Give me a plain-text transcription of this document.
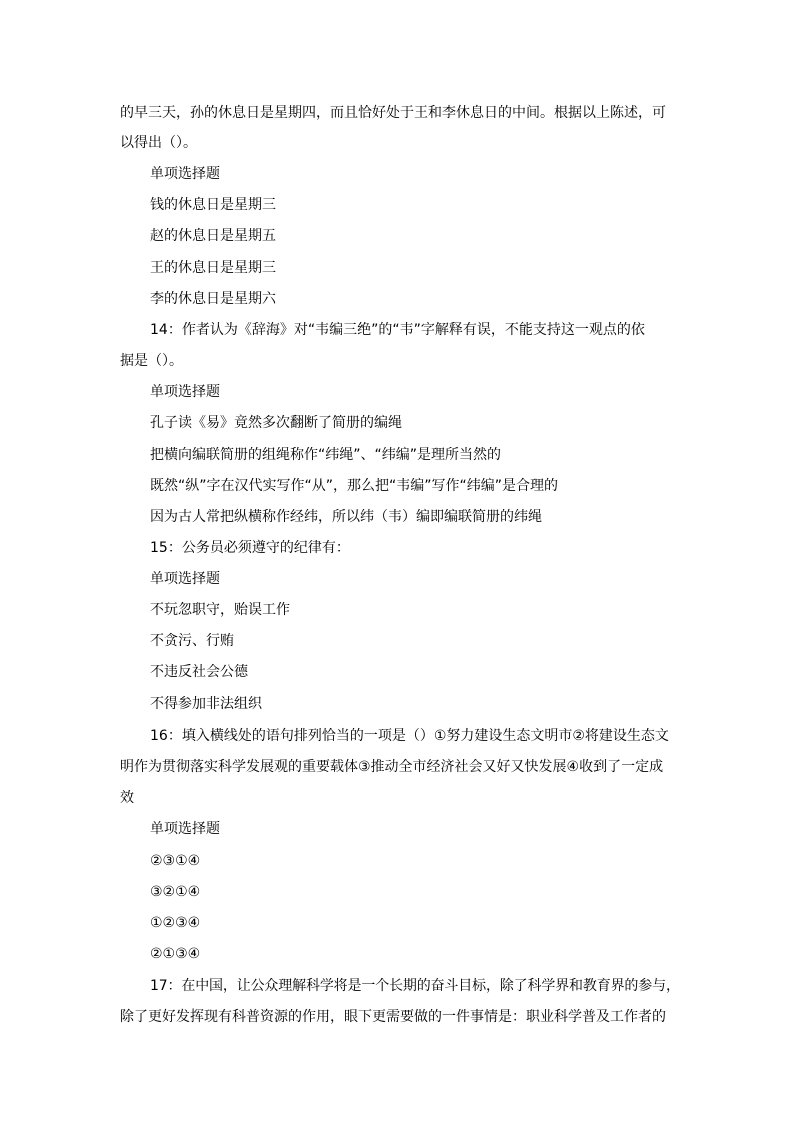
的早三天，孙的休息日是星期四，而且恰好处于王和李休息日的中间。根据以上陈述，可
以得出（）。
单项选择题
钱的休息日是星期三
赵的休息日是星期五
王的休息日是星期三
李的休息日是星期六
14：作者认为《辞海》对“韦编三绝”的“韦”字解释有误，不能支持这一观点的依
据是（）。
单项选择题
孔子读《易》竟然多次翻断了简册的编绳
把横向编联简册的组绳称作“纬绳”、“纬编”是理所当然的
既然“纵”字在汉代实写作“从”，那么把“韦编”写作“纬编”是合理的
因为古人常把纵横称作经纬，所以纬（韦）编即编联简册的纬绳
15：公务员必须遵守的纪律有：
单项选择题
不玩忽职守，贻误工作
不贪污、行贿
不违反社会公德
不得参加非法组织
16：填入横线处的语句排列恰当的一项是（）①努力建设生态文明市②将建设生态文
明作为贯彻落实科学发展观的重要载体③推动全市经济社会又好又快发展④收到了一定成
效
单项选择题
②③①④
③②①④
①②③④
②①③④
17：在中国，让公众理解科学将是一个长期的奋斗目标，除了科学界和教育界的参与，
除了更好发挥现有科普资源的作用，眼下更需要做的一件事情是：职业科学普及工作者的
